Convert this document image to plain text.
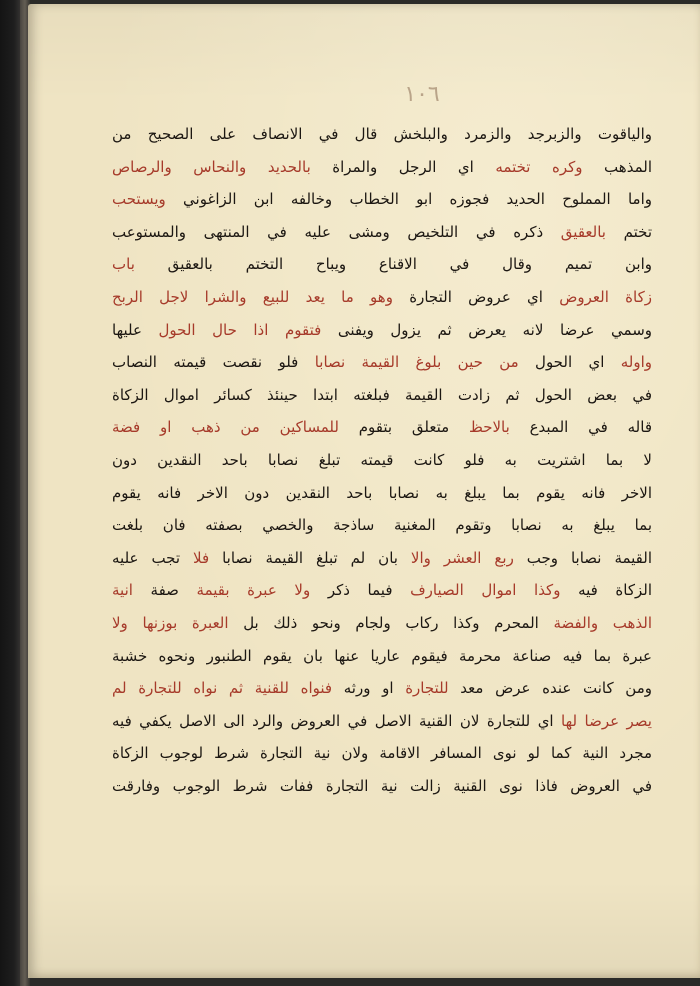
١٠٦
والياقوت والزبرجد والزمرد والبلخش قال في الانصاف على الصحيح من
المذهب وكره تختمه اي الرجل والمراة بالحديد والنحاس والرصاص
واما المملوح الحديد فجوزه ابو الخطاب وخالفه ابن الزاغوني ويستحب
تختم بالعقيق ذكره في التلخيص ومشى عليه في المنتهى والمستوعب
وابن تميم وقال في الاقناع ويباح التختم بالعقيق باب
زكاة العروض اي عروض التجارة وهو ما يعد للبيع والشرا لاجل الربح
وسمي عرضا لانه يعرض ثم يزول ويفنى فتقوم اذا حال الحول عليها
واوله اي الحول من حين بلوغ القيمة نصابا فلو نقصت قيمته النصاب
في بعض الحول ثم زادت القيمة فبلغته ابتدا حينئذ كسائر اموال الزكاة
قاله في المبدع بالاحظ متعلق بتقوم للمساكين من ذهب او فضة
لا بما اشتريت به فلو كانت قيمته تبلغ نصابا باحد النقدين دون
الاخر فانه يقوم بما يبلغ به نصابا باحد النقدين دون الاخر فانه يقوم
بما يبلغ به نصابا وتقوم المغنية ساذجة والخصي بصفته فان بلغت
القيمة نصابا وجب ربع العشر والا بان لم تبلغ القيمة نصابا فلا تجب عليه
الزكاة فيه وكذا اموال الصيارف فيما ذكر ولا عبرة بقيمة صفة انية
الذهب والفضة المحرم وكذا ركاب ولجام ونحو ذلك بل العبرة بوزنها ولا
عبرة بما فيه صناعة محرمة فيقوم عاريا عنها بان يقوم الطنبور ونحوه خشبة
ومن كانت عنده عرض معد للتجارة او ورثه فنواه للقنية ثم نواه للتجارة لم
يصر عرضا لها اي للتجارة لان القنية الاصل في العروض والرد الى الاصل يكفي فيه
مجرد النية كما لو نوى المسافر الاقامة ولان نية التجارة شرط لوجوب الزكاة
في العروض فاذا نوى القنية زالت نية التجارة ففات شرط الوجوب وفارقت
